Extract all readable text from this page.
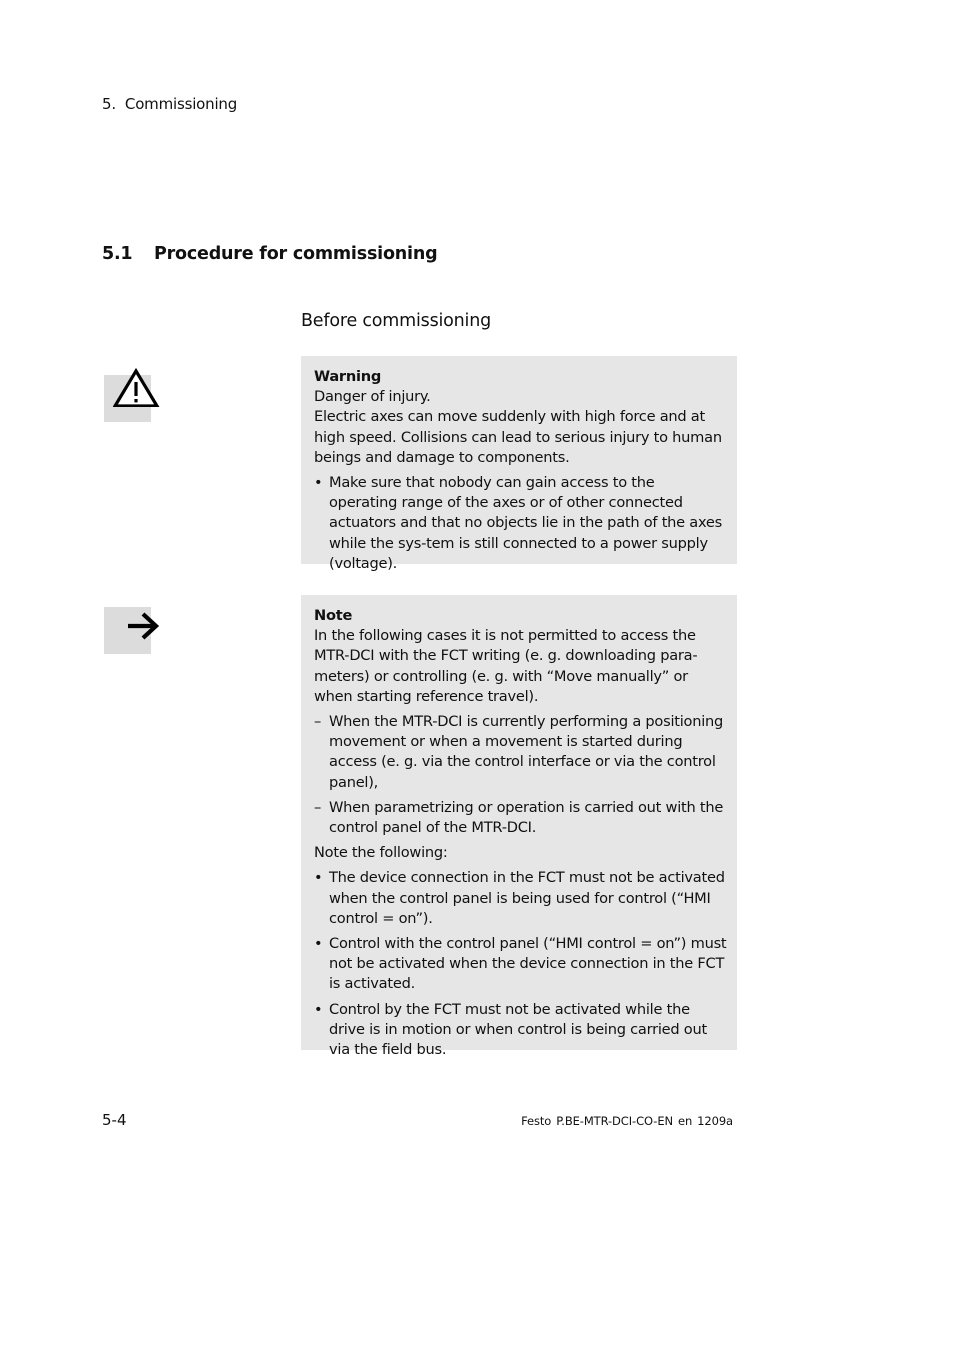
5. Commissioning
5.1 Procedure for commissioning
Before commissioning

Warning

Danger of injury.

Electric axes can move suddenly with high force and at high speed. Collisions can lead to serious injury to human beings and damage to components.

• Make sure that nobody can gain access to the operating range of the axes or of other connected actuators and that no objects lie in the path of the axes while the sys-tem is still connected to a power supply (voltage).

Note

In the following cases it is not permitted to access the MTR-DCI with the FCT writing (e. g. downloading para-meters) or controlling (e. g. with “Move manually” or when starting reference travel).

– When the MTR-DCI is currently performing a positioning movement or when a movement is started during access (e. g. via the control interface or via the control panel),
– When parametrizing or operation is carried out with the control panel of the MTR-DCI.

Note the following:

• The device connection in the FCT must not be activated when the control panel is being used for control (“HMI control = on”).
• Control with the control panel (“HMI control = on”) must not be activated when the device connection in the FCT is activated.
• Control by the FCT must not be activated while the drive is in motion or when control is being carried out via the field bus.
5-4	Festo P.BE-MTR-DCI-CO-EN en 1209a
